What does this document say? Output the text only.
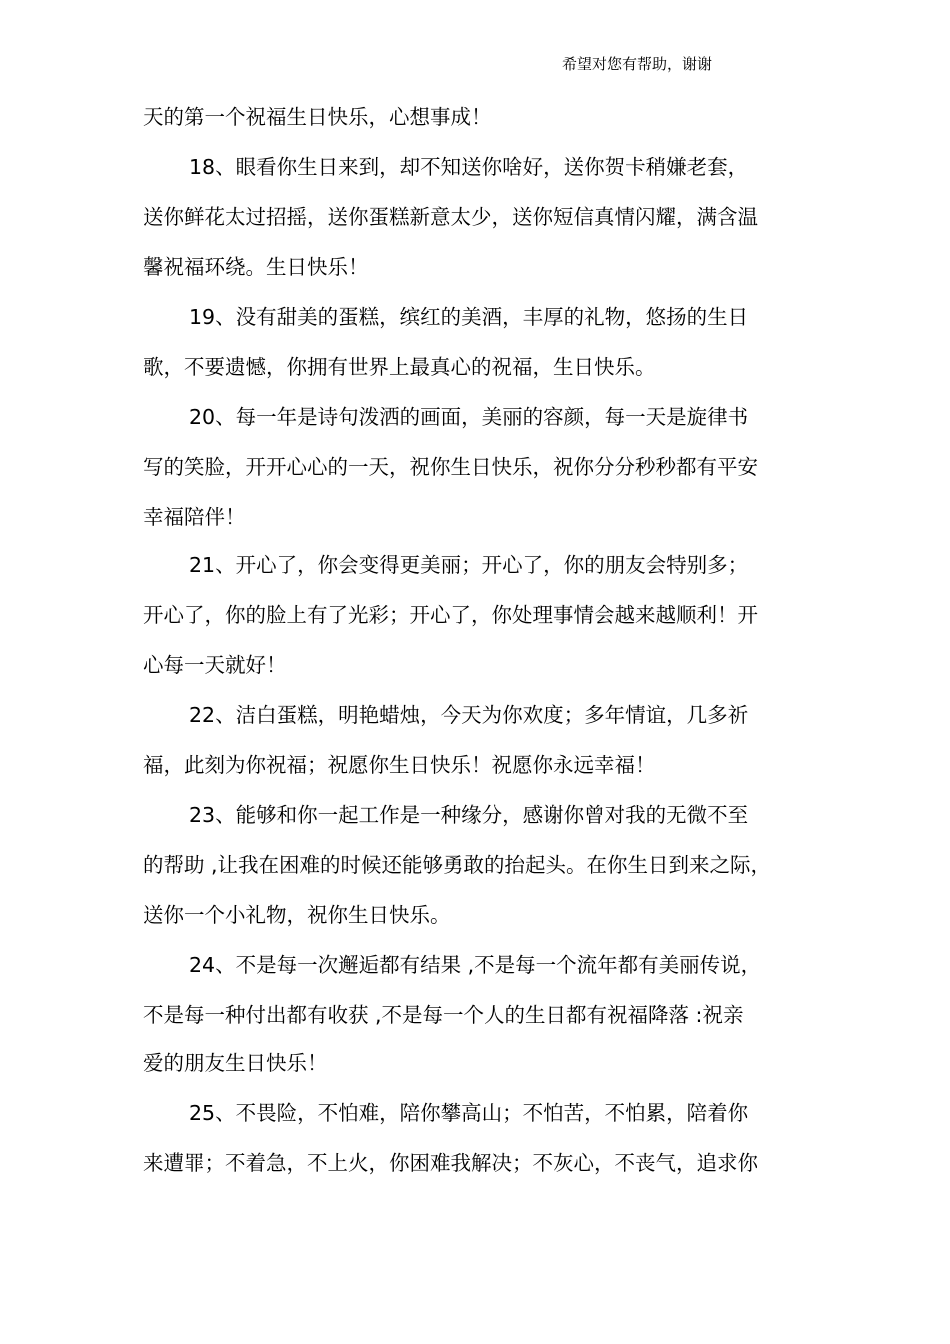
希望对您有帮助，谢谢
天的第一个祝福生日快乐，心想事成！
18、眼看你生日来到，却不知送你啥好，送你贺卡稍嫌老套，
送你鲜花太过招摇，送你蛋糕新意太少，送你短信真情闪耀，满含温
馨祝福环绕。生日快乐！
19、没有甜美的蛋糕，缤红的美酒，丰厚的礼物，悠扬的生日
歌，不要遗憾，你拥有世界上最真心的祝福，生日快乐。
20、每一年是诗句泼洒的画面，美丽的容颜，每一天是旋律书
写的笑脸，开开心心的一天，祝你生日快乐，祝你分分秒秒都有平安
幸福陪伴！
21、开心了，你会变得更美丽；开心了，你的朋友会特别多；
开心了，你的脸上有了光彩；开心了，你处理事情会越来越顺利！开
心每一天就好！
22、洁白蛋糕，明艳蜡烛，今天为你欢度；多年情谊，几多祈
福，此刻为你祝福；祝愿你生日快乐！祝愿你永远幸福！
23、能够和你一起工作是一种缘分，感谢你曾对我的无微不至
的帮助 ,让我在困难的时候还能够勇敢的抬起头。在你生日到来之际，
送你一个小礼物，祝你生日快乐。
24、不是每一次邂逅都有结果 ,不是每一个流年都有美丽传说，
不是每一种付出都有收获 ,不是每一个人的生日都有祝福降落 :祝亲
爱的朋友生日快乐！
25、不畏险，不怕难，陪你攀高山；不怕苦，不怕累，陪着你
来遭罪；不着急，不上火，你困难我解决；不灰心，不丧气，追求你
